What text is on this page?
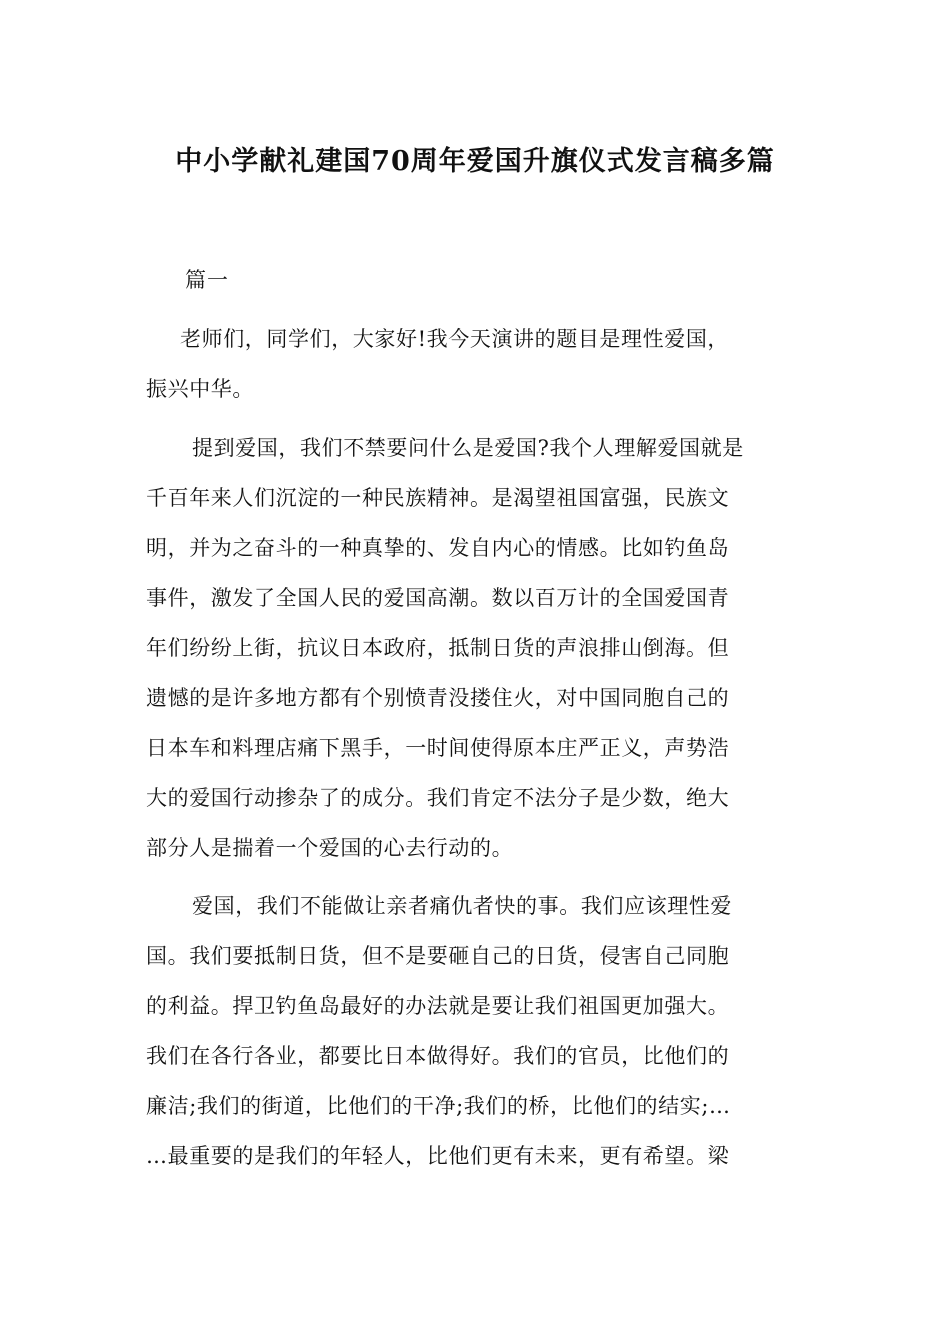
中小学献礼建国70周年爱国升旗仪式发言稿多篇
篇一
老师们，同学们，大家好!我今天演讲的题目是理性爱国，
振兴中华。
提到爱国，我们不禁要问什么是爱国?我个人理解爱国就是
千百年来人们沉淀的一种民族精神。是渴望祖国富强，民族文
明，并为之奋斗的一种真挚的、发自内心的情感。比如钓鱼岛
事件，激发了全国人民的爱国高潮。数以百万计的全国爱国青
年们纷纷上街，抗议日本政府，抵制日货的声浪排山倒海。但
遗憾的是许多地方都有个别愤青没搂住火，对中国同胞自己的
日本车和料理店痛下黑手，一时间使得原本庄严正义，声势浩
大的爱国行动掺杂了的成分。我们肯定不法分子是少数，绝大
部分人是揣着一个爱国的心去行动的。
爱国，我们不能做让亲者痛仇者快的事。我们应该理性爱
国。我们要抵制日货，但不是要砸自己的日货，侵害自己同胞
的利益。捍卫钓鱼岛最好的办法就是要让我们祖国更加强大。
我们在各行各业，都要比日本做得好。我们的官员，比他们的
廉洁;我们的街道，比他们的干净;我们的桥，比他们的结实;…
…最重要的是我们的年轻人，比他们更有未来，更有希望。梁
